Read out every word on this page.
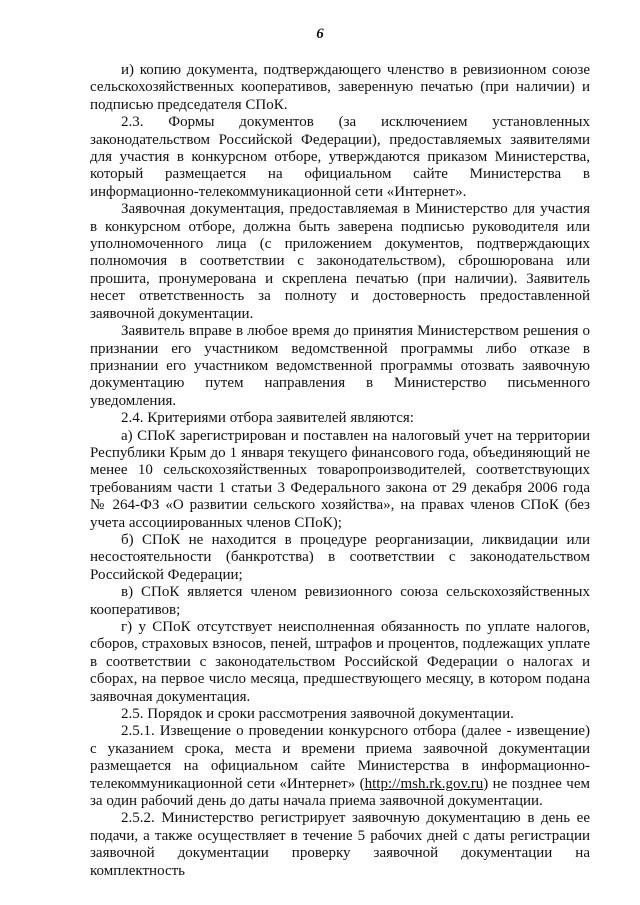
6

и) копию документа, подтверждающего членство в ревизионном союзе сельскохозяйственных кооперативов, заверенную печатью (при наличии) и подписью председателя СПоК.

2.3. Формы документов (за исключением установленных законодательством Российской Федерации), предоставляемых заявителями для участия в конкурсном отборе, утверждаются приказом Министерства, который размещается на официальном сайте Министерства в информационно-телекоммуникационной сети «Интернет».

Заявочная документация, предоставляемая в Министерство для участия в конкурсном отборе, должна быть заверена подписью руководителя или уполномоченного лица (с приложением документов, подтверждающих полномочия в соответствии с законодательством), сброшюрована или прошита, пронумерована и скреплена печатью (при наличии). Заявитель несет ответственность за полноту и достоверность предоставленной заявочной документации.

Заявитель вправе в любое время до принятия Министерством решения о признании его участником ведомственной программы либо отказе в признании его участником ведомственной программы отозвать заявочную документацию путем направления в Министерство письменного уведомления.

2.4. Критериями отбора заявителей являются:

а) СПоК зарегистрирован и поставлен на налоговый учет на территории Республики Крым до 1 января текущего финансового года, объединяющий не менее 10 сельскохозяйственных товаропроизводителей, соответствующих требованиям части 1 статьи 3 Федерального закона от 29 декабря 2006 года № 264-ФЗ «О развитии сельского хозяйства», на правах членов СПоК (без учета ассоциированных членов СПоК);

б) СПоК не находится в процедуре реорганизации, ликвидации или несостоятельности (банкротства) в соответствии с законодательством Российской Федерации;

в) СПоК является членом ревизионного союза сельскохозяйственных кооперативов;

г) у СПоК отсутствует неисполненная обязанность по уплате налогов, сборов, страховых взносов, пеней, штрафов и процентов, подлежащих уплате в соответствии с законодательством Российской Федерации о налогах и сборах, на первое число месяца, предшествующего месяцу, в котором подана заявочная документация.

2.5. Порядок и сроки рассмотрения заявочной документации.

2.5.1. Извещение о проведении конкурсного отбора (далее - извещение) с указанием срока, места и времени приема заявочной документации размещается на официальном сайте Министерства в информационно-телекоммуникационной сети «Интернет» (http://msh.rk.gov.ru) не позднее чем за один рабочий день до даты начала приема заявочной документации.

2.5.2. Министерство регистрирует заявочную документацию в день ее подачи, а также осуществляет в течение 5 рабочих дней с даты регистрации заявочной документации проверку заявочной документации на комплектность
